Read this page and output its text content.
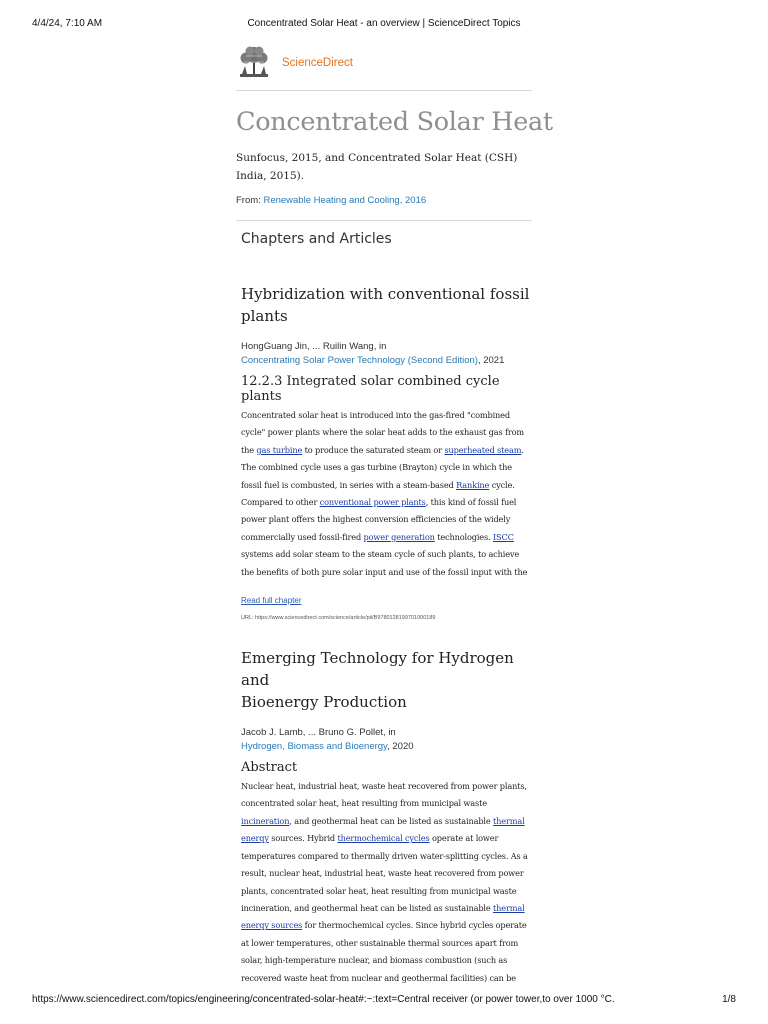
4/4/24, 7:10 AM	Concentrated Solar Heat - an overview | ScienceDirect Topics
ScienceDirect
Concentrated Solar Heat

Sunfocus, 2015, and Concentrated Solar Heat (CSH) India, 2015).

From: Renewable Heating and Cooling, 2016

Chapters and Articles
Hybridization with conventional fossil
plants

HongGuang Jin, ... Ruilin Wang, in

Concentrating Solar Power Technology (Second Edition), 2021

12.2.3 Integrated solar combined cycle plants

Concentrated solar heat is introduced into the gas-fired "combined cycle" power plants where the solar heat adds to the exhaust gas from the gas turbine to produce the saturated steam or superheated steam. The combined cycle uses a gas turbine (Brayton) cycle in which the fossil fuel is combusted, in series with a steam-based Rankine cycle. Compared to other conventional power plants, this kind of fossil fuel power plant offers the highest conversion efficiencies of the widely commercially used fossil-fired power generation technologies. ISCC systems add solar steam to the steam cycle of such plants, to achieve the benefits of both pure solar input and use of the fossil input with the

Read full chapter
URL: https://www.sciencedirect.com/science/article/pii/B9780128199701000189
Emerging Technology for Hydrogen and
Bioenergy Production

Jacob J. Lamb, ... Bruno G. Pollet, in

Hydrogen, Biomass and Bioenergy, 2020

Abstract

Nuclear heat, industrial heat, waste heat recovered from power plants, concentrated solar heat, heat resulting from municipal waste incineration, and geothermal heat can be listed as sustainable thermal energy sources. Hybrid thermochemical cycles operate at lower temperatures compared to thermally driven water-splitting cycles. As a result, nuclear heat, industrial heat, waste heat recovered from power plants, concentrated solar heat, heat resulting from municipal waste incineration, and geothermal heat can be listed as sustainable thermal energy sources for thermochemical cycles. Since hybrid cycles operate at lower temperatures, other sustainable thermal sources apart from solar, high-temperature nuclear, and biomass combustion (such as recovered waste heat from nuclear and geothermal facilities) can be

https://www.sciencedirect.com/topics/engineering/concentrated-solar-heat#:~:text=Central receiver (or power tower,to over 1000 °C.	1/8
